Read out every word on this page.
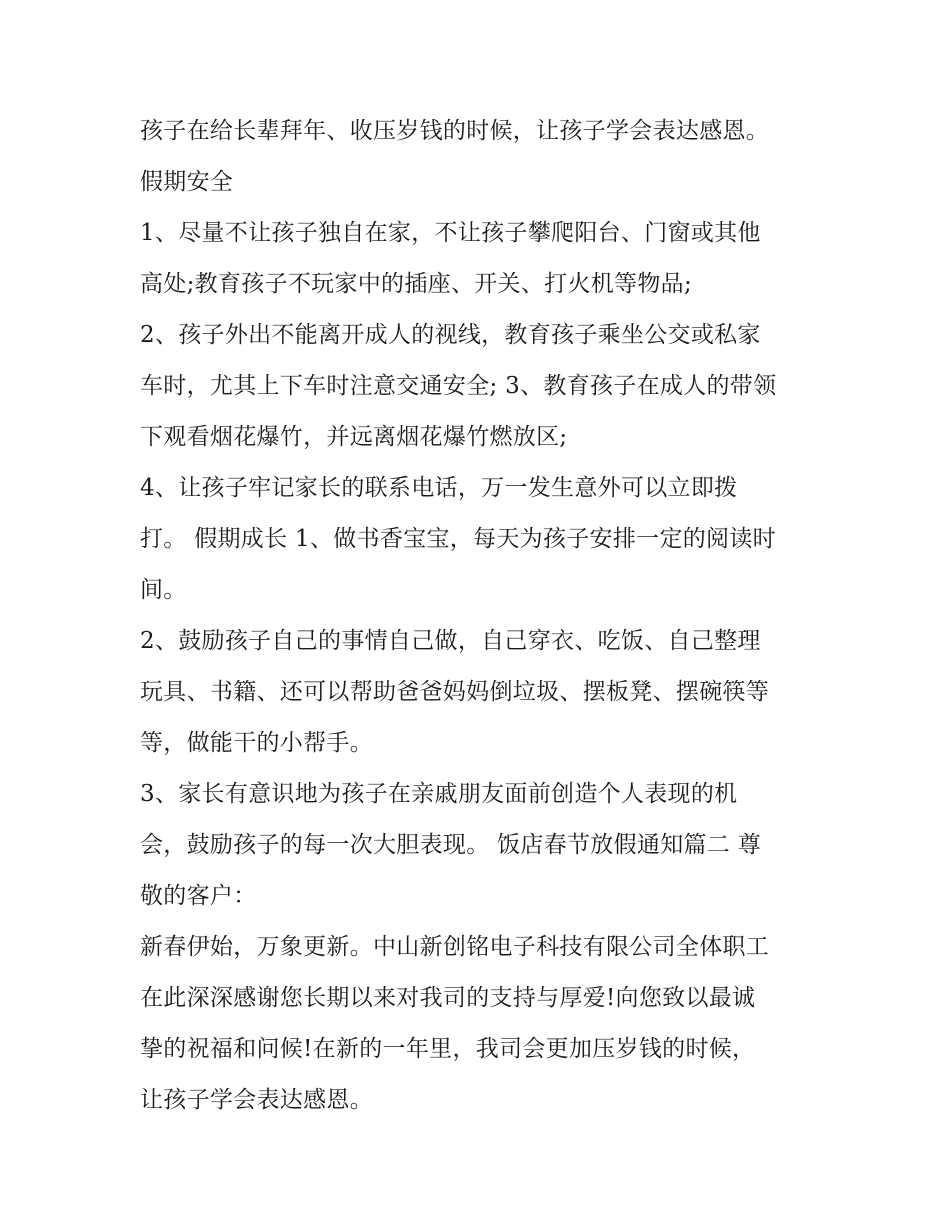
孩子在给长辈拜年、收压岁钱的时候，让孩子学会表达感恩。
假期安全
1、尽量不让孩子独自在家，不让孩子攀爬阳台、门窗或其他
高处;教育孩子不玩家中的插座、开关、打火机等物品;
2、孩子外出不能离开成人的视线，教育孩子乘坐公交或私家
车时，尤其上下车时注意交通安全; 3、教育孩子在成人的带领
下观看烟花爆竹，并远离烟花爆竹燃放区;
4、让孩子牢记家长的联系电话，万一发生意外可以立即拨
打。 假期成长 1、做书香宝宝，每天为孩子安排一定的阅读时
间。
2、鼓励孩子自己的事情自己做，自己穿衣、吃饭、自己整理
玩具、书籍、还可以帮助爸爸妈妈倒垃圾、摆板凳、摆碗筷等
等，做能干的小帮手。
3、家长有意识地为孩子在亲戚朋友面前创造个人表现的机
会，鼓励孩子的每一次大胆表现。 饭店春节放假通知篇二 尊
敬的客户：
新春伊始，万象更新。中山新创铭电子科技有限公司全体职工
在此深深感谢您长期以来对我司的支持与厚爱!向您致以最诚
挚的祝福和问候!在新的一年里，我司会更加压岁钱的时候，
让孩子学会表达感恩。
